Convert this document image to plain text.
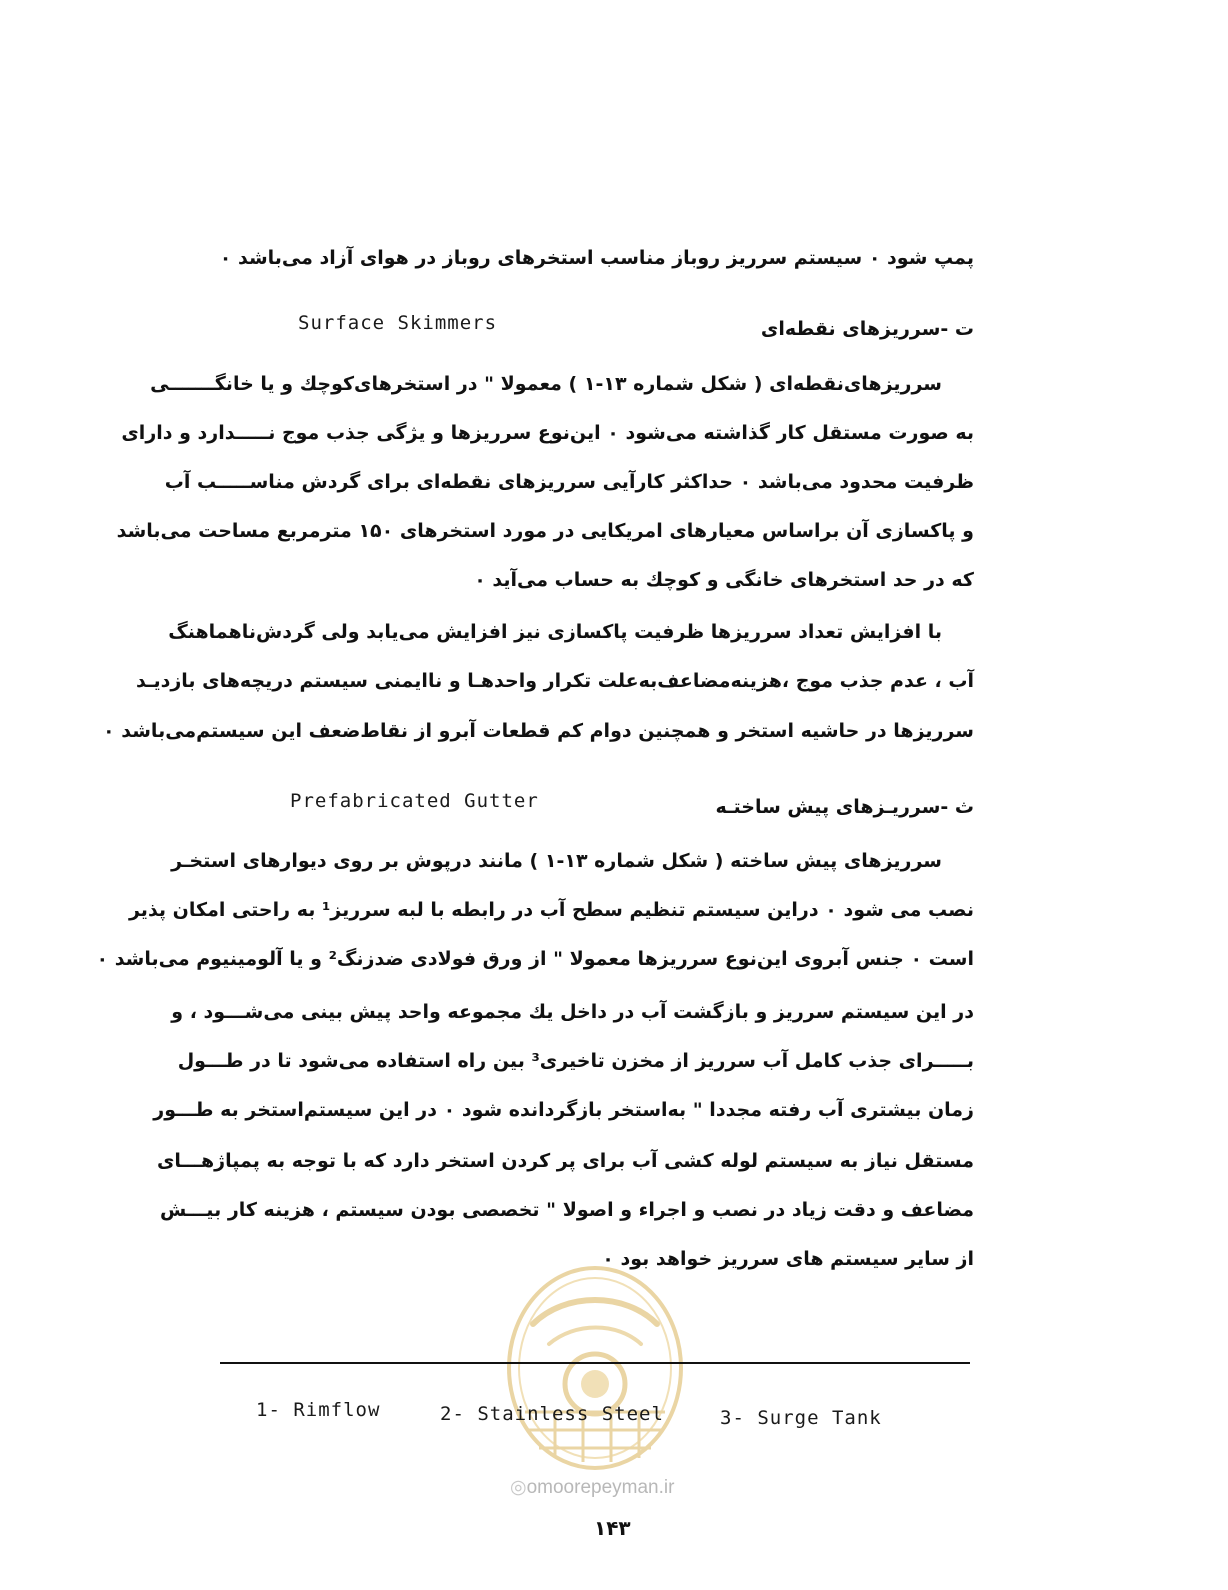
پمپ شود ۰ سیستم سرریز روباز مناسب استخرهای روباز در هوای آزاد می‌باشد ۰
ت -سرریزهای نقطه‌ای
Surface Skimmers
سرریزهای‌نقطه‌ای ( شکل شماره ۱۳-۱ ) معمولا " در استخرهای‌کوچك و یا خانگـــــــی
به صورت مستقل کار گذاشته می‌شود ۰ این‌نوع سرریزها و یژگی جذب موج نـــــدارد و دارای
ظرفیت محدود می‌باشد ۰ حداکثر کارآیی سرریزهای نقطه‌ای برای گردش مناســـــب آب
و پاکسازی آن براساس معیارهای امریکایی در مورد استخرهای ۱۵۰ مترمربع مساحت می‌باشد
که در حد استخرهای خانگی و کوچك به حساب می‌آید ۰
با افزایش تعداد سرریزها ظرفیت پاکسازی نیز افزایش می‌یابد ولی گردش‌ناهماهنگ
آب ، عدم جذب موج ،هزینه‌مضاعف‌به‌علت تکرار واحدهـا و ناایمنی سیستم دریچه‌های بازدیـد
سرریزها در حاشیه استخر و همچنین دوام کم قطعات آبرو از نقاط‌ضعف این سیستم‌می‌باشد ۰
ث -سرریـزهای پیش ساختـه
Prefabricated Gutter
سرریزهای پیش ساخته ( شکل شماره ۱۳-۱ ) مانند درپوش بر روی دیوارهای استخـر
نصب می شود ۰ دراین سیستم تنظیم سطح آب در رابطه با لبه سرریز¹ به راحتی امکان پذیر
است ۰ جنس آبروی این‌نوع سرریزها معمولا " از ورق فولادی ضدزنگ² و یا آلومینیوم می‌باشد ۰
در این سیستم سرریز و بازگشت آب در داخل یك مجموعه واحد پیش بینی می‌شـــود ، و
بـــــرای جذب کامل آب سرریز از مخزن تاخیری³ بین راه استفاده می‌شود تا در طـــول
زمان بیشتری آب رفته مجددا " به‌استخر بازگردانده شود ۰ در این سیستم‌استخر به طـــور
مستقل نیاز به سیستم لوله کشی آب برای پر کردن استخر دارد که با توجه به پمپاژهـــای
مضاعف و دقت زیاد در نصب و اجراء و اصولا " تخصصی بودن سیستم ، هزینه کار بیـــش
از سایر سیستم های سرریز خواهد بود ۰
1- Rimflow	2- Stainless Steel	3- Surge Tank
◎omoorepeyman.ir
۱۴۳
